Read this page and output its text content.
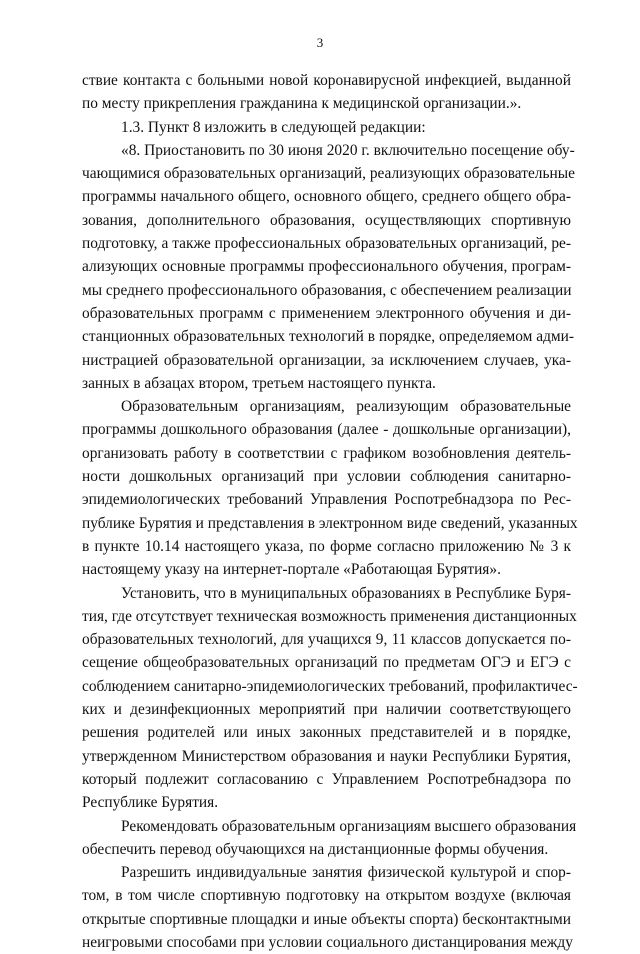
3
ствие контакта с больными новой коронавирусной инфекцией, выданной
по месту прикрепления гражданина к медицинской организации.».
1.3. Пункт 8 изложить в следующей редакции:
«8. Приостановить по 30 июня 2020 г. включительно посещение обу-
чающимися образовательных организаций, реализующих образовательные
программы начального общего, основного общего, среднего общего обра-
зования, дополнительного образования, осуществляющих спортивную
подготовку, а также профессиональных образовательных организаций, ре-
ализующих основные программы профессионального обучения, програм-
мы среднего профессионального образования, с обеспечением реализации
образовательных программ с применением электронного обучения и ди-
станционных образовательных технологий в порядке, определяемом адми-
нистрацией образовательной организации, за исключением случаев, ука-
занных в абзацах втором, третьем настоящего пункта.
Образовательным организациям, реализующим образовательные
программы дошкольного образования (далее - дошкольные организации),
организовать работу в соответствии с графиком возобновления деятель-
ности дошкольных организаций при условии соблюдения санитарно-
эпидемиологических требований Управления Роспотребнадзора по Рес-
публике Бурятия и представления в электронном виде сведений, указанных
в пункте 10.14 настоящего указа, по форме согласно приложению № 3 к
настоящему указу на интернет-портале «Работающая Бурятия».
Установить, что в муниципальных образованиях в Республике Буря-
тия, где отсутствует техническая возможность применения дистанционных
образовательных технологий, для учащихся 9, 11 классов допускается по-
сещение общеобразовательных организаций по предметам ОГЭ и ЕГЭ с
соблюдением санитарно-эпидемиологических требований, профилактичес-
ких и дезинфекционных мероприятий при наличии соответствующего
решения родителей или иных законных представителей и в порядке,
утвержденном Министерством образования и науки Республики Бурятия,
который подлежит согласованию с Управлением Роспотребнадзора по
Республике Бурятия.
Рекомендовать образовательным организациям высшего образования
обеспечить перевод обучающихся на дистанционные формы обучения.
Разрешить индивидуальные занятия физической культурой и спор-
том, в том числе спортивную подготовку на открытом воздухе (включая
открытые спортивные площадки и иные объекты спорта) бесконтактными
неигровыми способами при условии социального дистанцирования между
